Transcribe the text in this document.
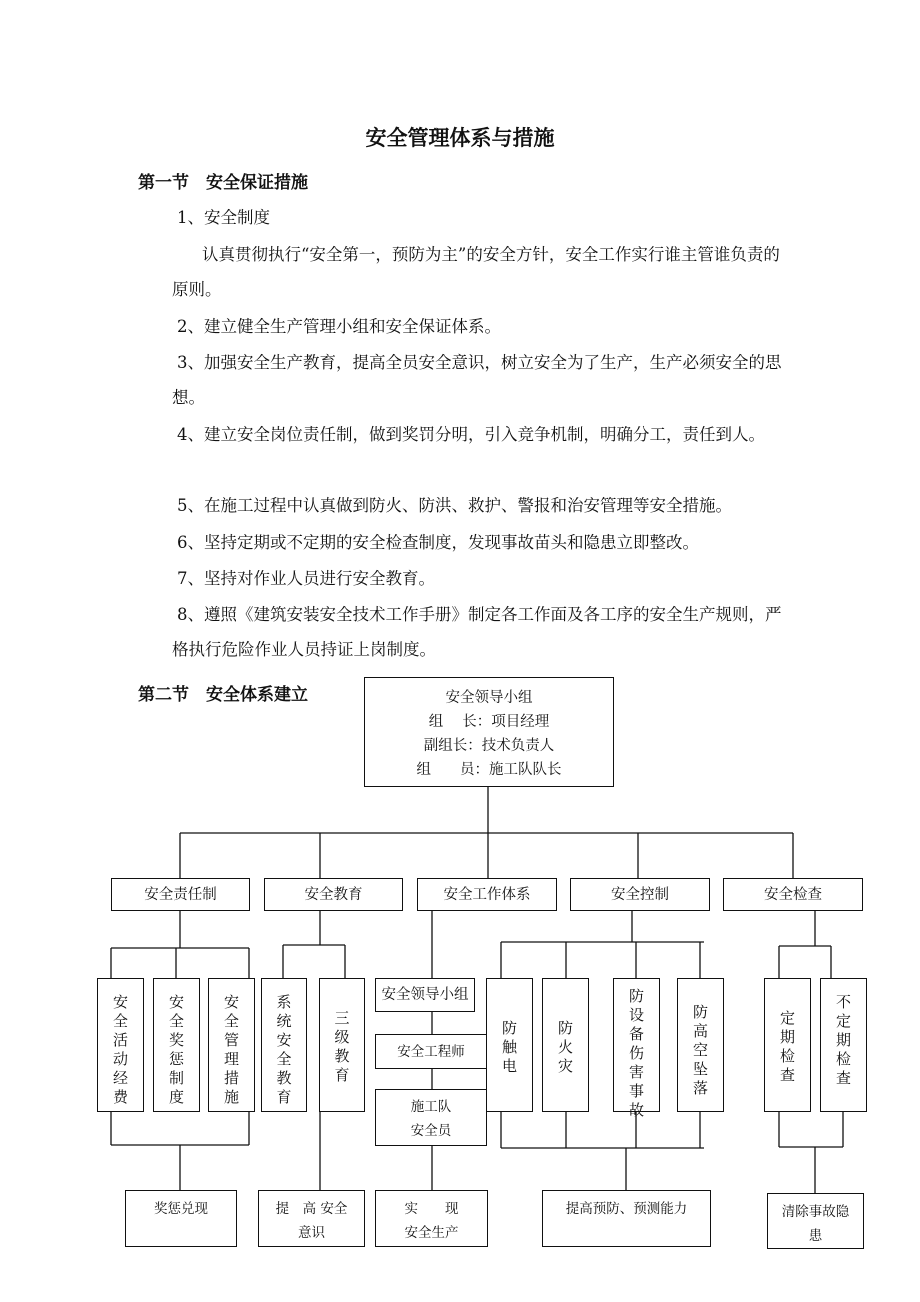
安全管理体系与措施
第一节　安全保证措施
1、安全制度
认真贯彻执行“安全第一，预防为主”的安全方针，安全工作实行谁主管谁负责的原则。
2、建立健全生产管理小组和安全保证体系。
3、加强安全生产教育，提高全员安全意识，树立安全为了生产，生产必须安全的思想。
4、建立安全岗位责任制，做到奖罚分明，引入竞争机制，明确分工，责任到人。
5、在施工过程中认真做到防火、防洪、救护、警报和治安管理等安全措施。
6、坚持定期或不定期的安全检查制度，发现事故苗头和隐患立即整改。
7、坚持对作业人员进行安全教育。
8、遵照《建筑安装安全技术工作手册》制定各工作面及各工序的安全生产规则，严格执行危险作业人员持证上岗制度。
第二节　安全体系建立	安全领导小组
组　 长：项目经理
副组长：技术负责人
组　　员：施工队队长
安全责任制	安全教育	安全工作体系	安全控制	安全检查
安全活动经费
安全奖惩制度
安全管理措施
系统安全教育
三级教育
安全领导小组
安全工程师
施工队
安全员
防触电
防火灾
防设备伤害事故
防高空坠落
定期检查
不定期检查
奖惩兑现	提　高 安全
意识
实　　现
安全生产
提高预防、预测能力	清除事故隐
患
